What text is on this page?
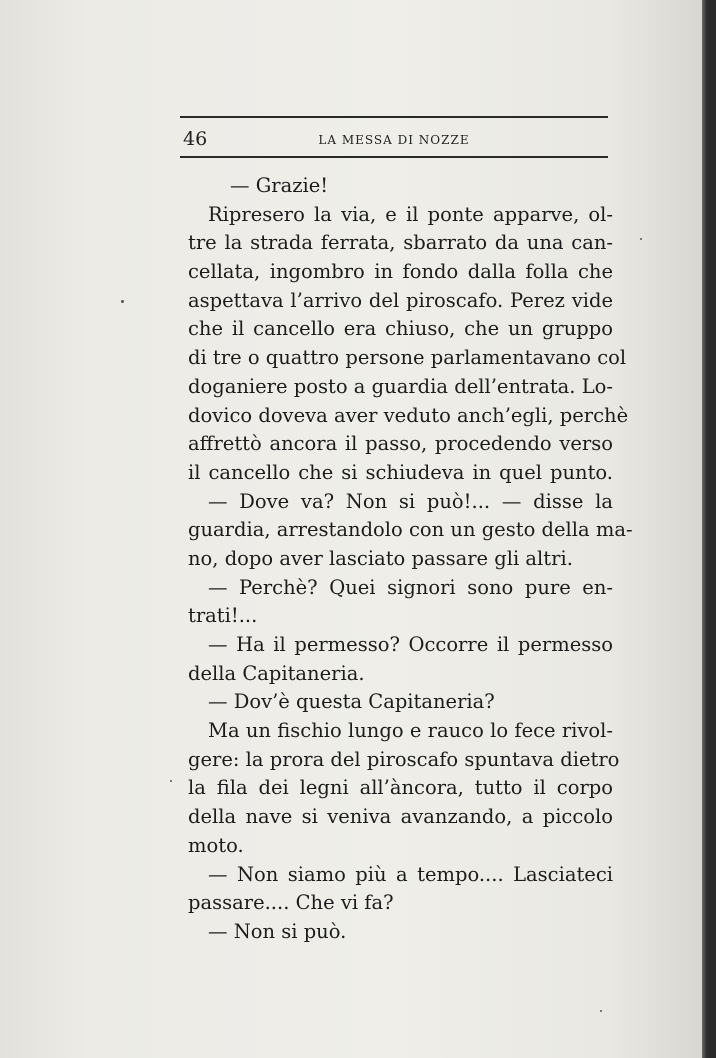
46	LA MESSA DI NOZZE
— Grazie!
Ripresero la via, e il ponte apparve, ol-
tre la strada ferrata, sbarrato da una can-
cellata, ingombro in fondo dalla folla che
aspettava l’arrivo del piroscafo. Perez vide
che il cancello era chiuso, che un gruppo
di tre o quattro persone parlamentavano col
doganiere posto a guardia dell’entrata. Lo-
dovico doveva aver veduto anch’egli, perchè
affrettò ancora il passo, procedendo verso
il cancello che si schiudeva in quel punto.
— Dove va? Non si può!... — disse la
guardia, arrestandolo con un gesto della ma-
no, dopo aver lasciato passare gli altri.
— Perchè? Quei signori sono pure en-
trati!...
— Ha il permesso? Occorre il permesso
della Capitaneria.
— Dov’è questa Capitaneria?
Ma un fischio lungo e rauco lo fece rivol-
gere: la prora del piroscafo spuntava dietro
la fila dei legni all’àncora, tutto il corpo
della nave si veniva avanzando, a piccolo
moto.
— Non siamo più a tempo.... Lasciateci
passare.... Che vi fa?
— Non si può.
